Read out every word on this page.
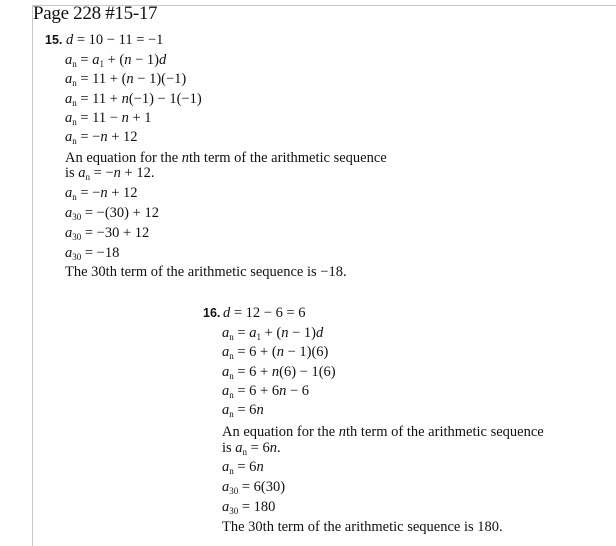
Page 228 #15-17
15. d = 10 − 11 = −1
$a_n = a_1 + (n - 1)d$
$a_n = 11 + (n - 1)(-1)$
$a_n = 11 + n(-1) - 1(-1)$
$a_n = 11 - n + 1$
$a_n = -n + 12$
An equation for the nth term of the arithmetic sequence
is $a_n = -n + 12$.
$a_n = -n + 12$
$a_{30} = -(30) + 12$
$a_{30} = -30 + 12$
$a_{30} = -18$
The 30th term of the arithmetic sequence is −18.
16. d = 12 − 6 = 6
$a_n = a_1 + (n - 1)d$
$a_n = 6 + (n - 1)(6)$
$a_n = 6 + n(6) - 1(6)$
$a_n = 6 + 6n - 6$
$a_n = 6n$
An equation for the nth term of the arithmetic sequence
is $a_n = 6n$.
$a_n = 6n$
$a_{30} = 6(30)$
$a_{30} = 180$
The 30th term of the arithmetic sequence is 180.
